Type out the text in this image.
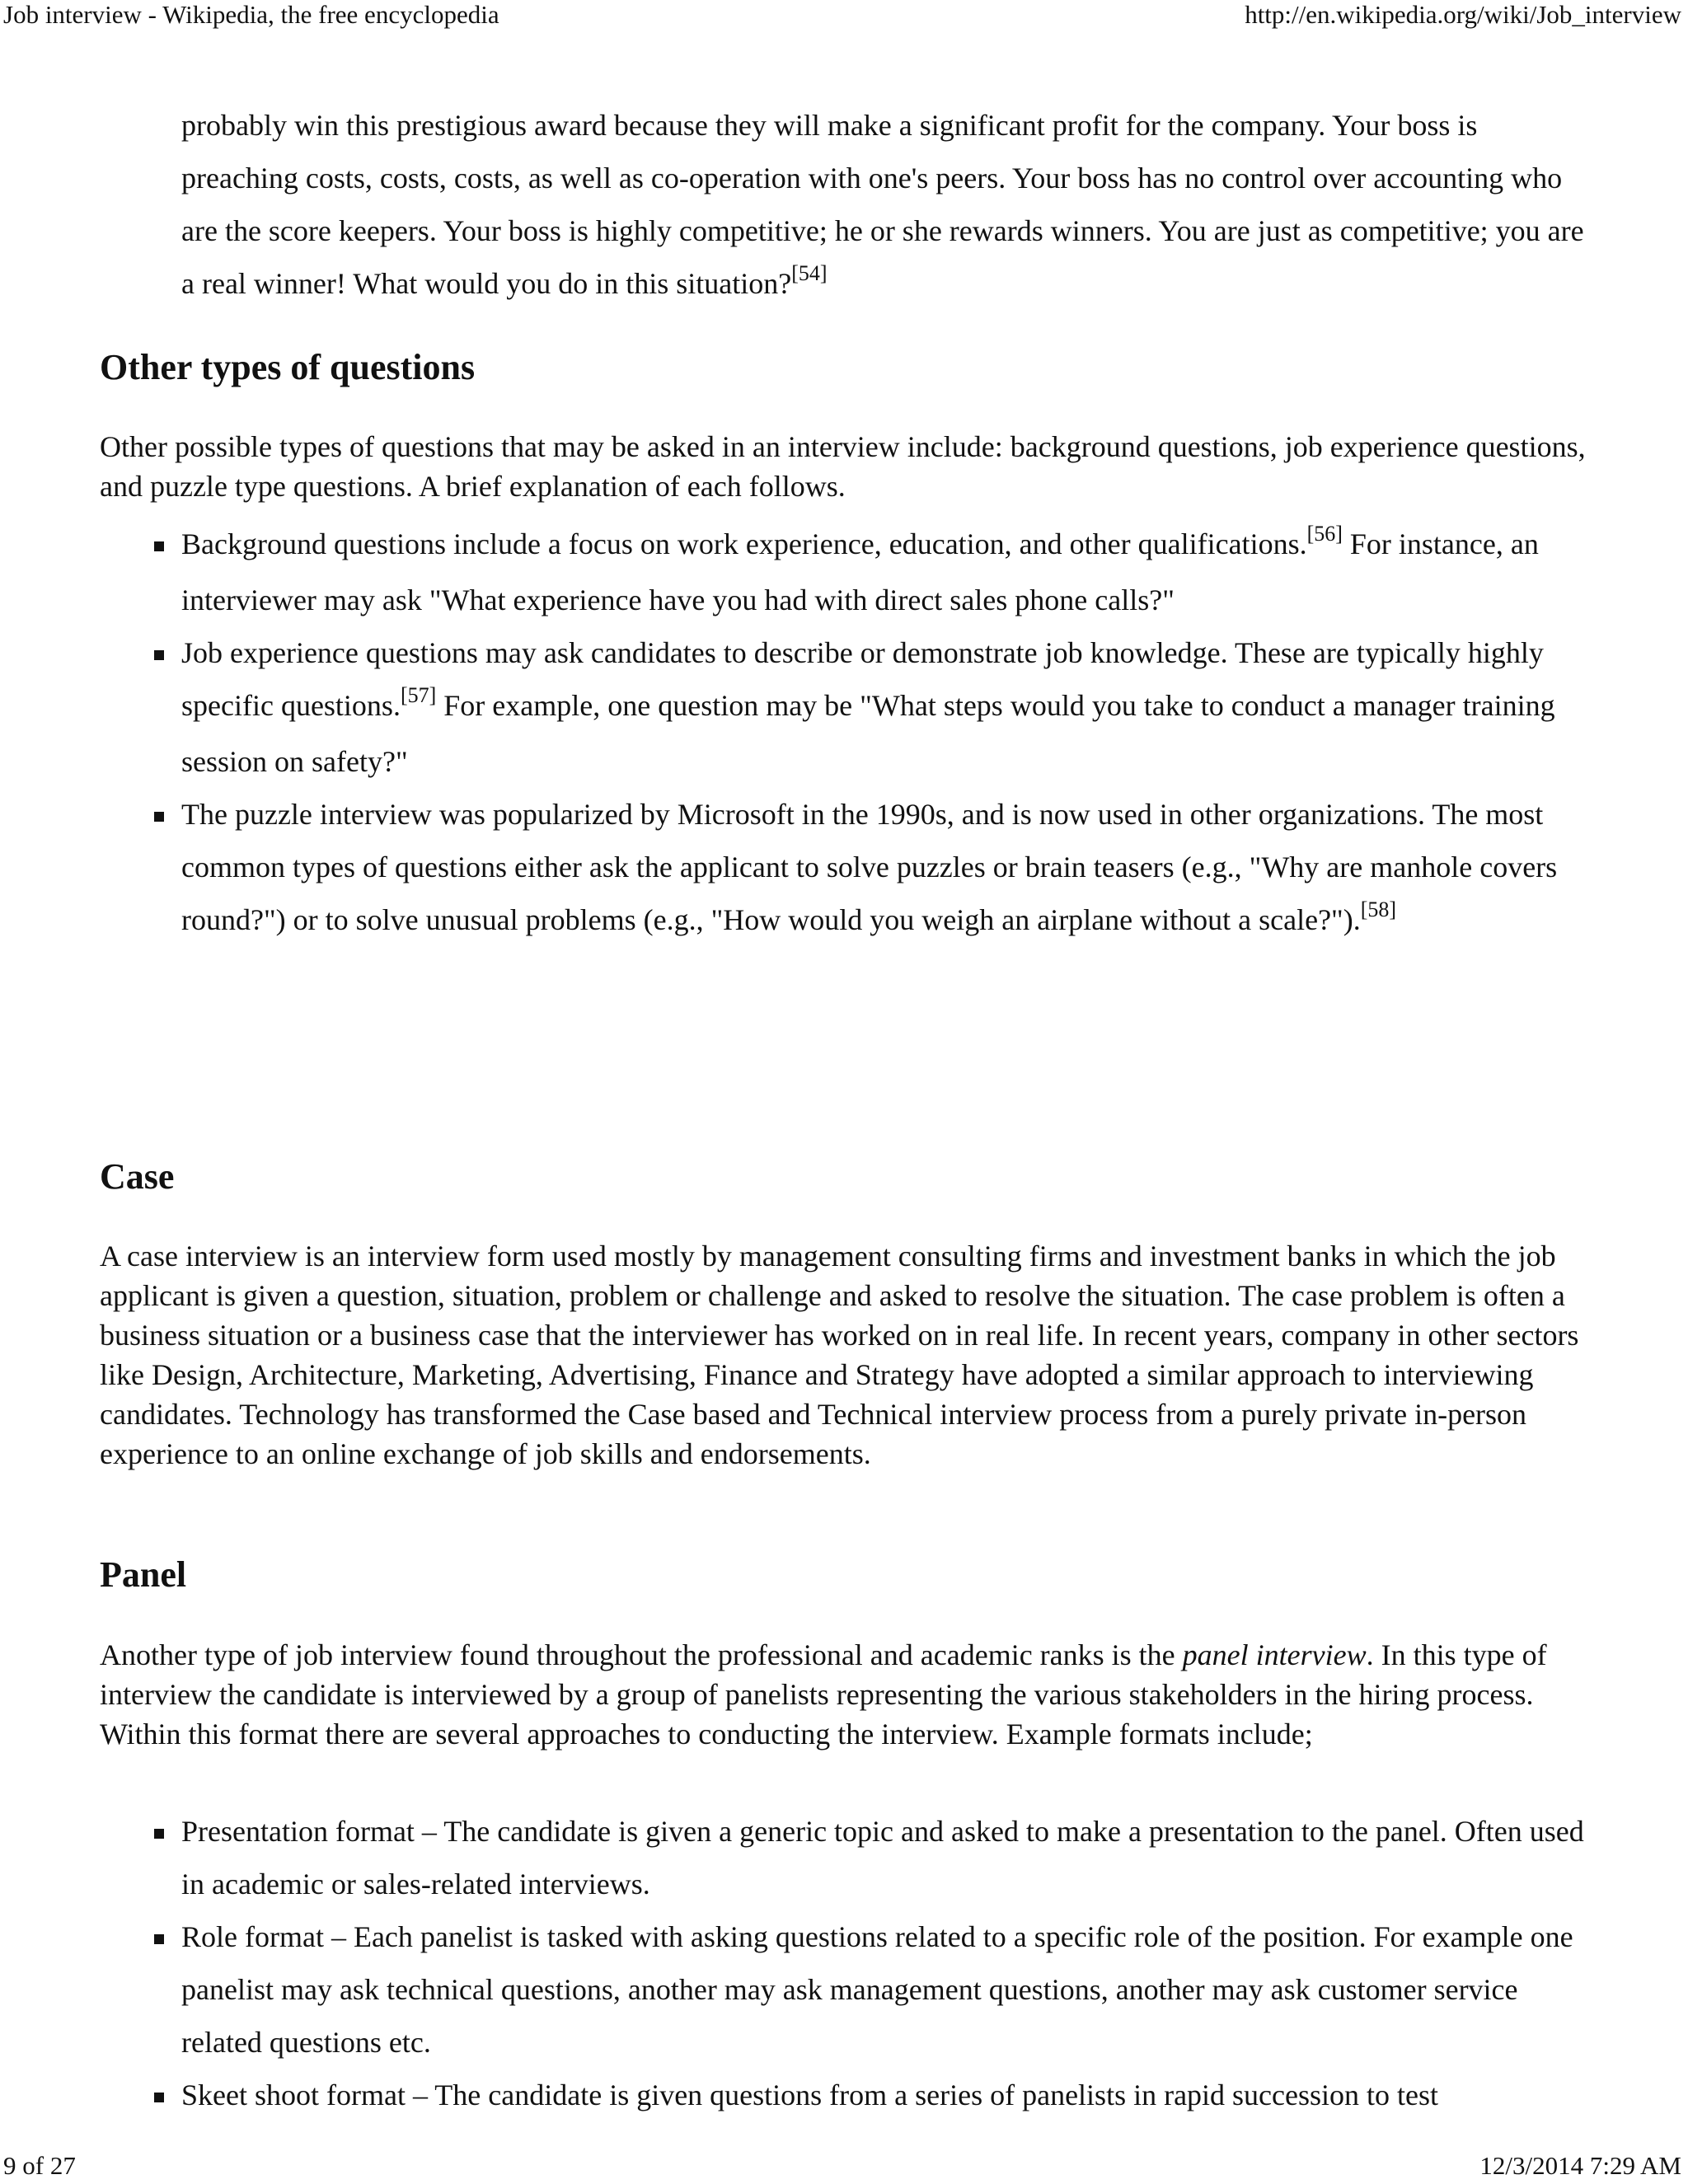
Job interview - Wikipedia, the free encyclopedia	http://en.wikipedia.org/wiki/Job_interview

probably win this prestigious award because they will make a significant profit for the company. Your boss is preaching costs, costs, costs, as well as co-operation with one's peers. Your boss has no control over accounting who are the score keepers. Your boss is highly competitive; he or she rewards winners. You are just as competitive; you are a real winner! What would you do in this situation?[54]

Other types of questions

Other possible types of questions that may be asked in an interview include: background questions, job experience questions, and puzzle type questions. A brief explanation of each follows.

Background questions include a focus on work experience, education, and other qualifications.[56] For instance, an interviewer may ask "What experience have you had with direct sales phone calls?"
Job experience questions may ask candidates to describe or demonstrate job knowledge. These are typically highly specific questions.[57] For example, one question may be "What steps would you take to conduct a manager training session on safety?"
The puzzle interview was popularized by Microsoft in the 1990s, and is now used in other organizations. The most common types of questions either ask the applicant to solve puzzles or brain teasers (e.g., "Why are manhole covers round?") or to solve unusual problems (e.g., "How would you weigh an airplane without a scale?").[58]
Case

A case interview is an interview form used mostly by management consulting firms and investment banks in which the job applicant is given a question, situation, problem or challenge and asked to resolve the situation. The case problem is often a business situation or a business case that the interviewer has worked on in real life. In recent years, company in other sectors like Design, Architecture, Marketing, Advertising, Finance and Strategy have adopted a similar approach to interviewing candidates. Technology has transformed the Case based and Technical interview process from a purely private in-person experience to an online exchange of job skills and endorsements.

Panel

Another type of job interview found throughout the professional and academic ranks is the panel interview. In this type of interview the candidate is interviewed by a group of panelists representing the various stakeholders in the hiring process. Within this format there are several approaches to conducting the interview. Example formats include;

Presentation format – The candidate is given a generic topic and asked to make a presentation to the panel. Often used in academic or sales-related interviews.
Role format – Each panelist is tasked with asking questions related to a specific role of the position. For example one panelist may ask technical questions, another may ask management questions, another may ask customer service related questions etc.
Skeet shoot format – The candidate is given questions from a series of panelists in rapid succession to test
9 of 27	12/3/2014 7:29 AM
